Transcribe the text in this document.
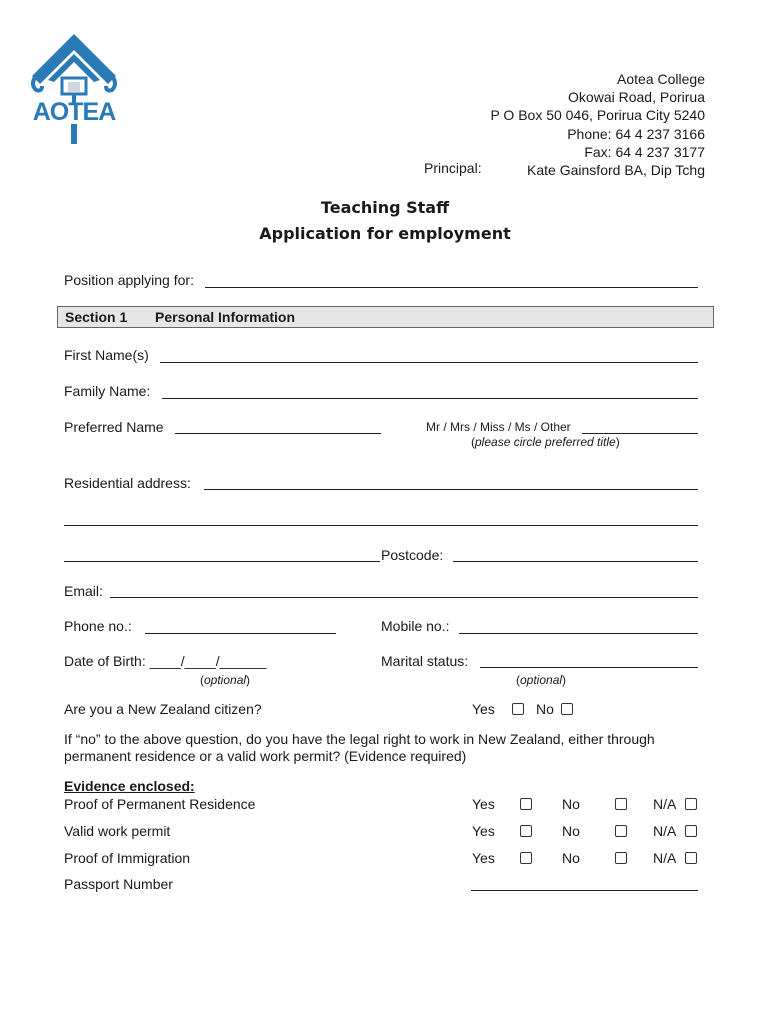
AOTEA
Aotea College
Okowai Road, Porirua
P O Box 50 046, Porirua City 5240
Phone: 64 4 237 3166
Fax: 64 4 237 3177
Kate Gainsford BA, Dip Tchg
Principal:
Teaching Staff
Application for employment
Position applying for:
Section 1 Personal Information
First Name(s)
Family Name:
Preferred Name	Mr / Mrs / Miss / Ms / Other
(please circle preferred title)
Residential address:
Postcode:
Email:
Phone no.:	Mobile no.:
Date of Birth: ____/____/______
(optional)
Marital status:
(optional)
Are you a New Zealand citizen?	Yes	No
If “no” to the above question, do you have the legal right to work in New Zealand, either through
permanent residence or a valid work permit? (Evidence required)
Evidence enclosed:
Proof of Permanent Residence	Yes	No	N/A
Valid work permit	Yes	No	N/A
Proof of Immigration	Yes	No	N/A
Passport Number
